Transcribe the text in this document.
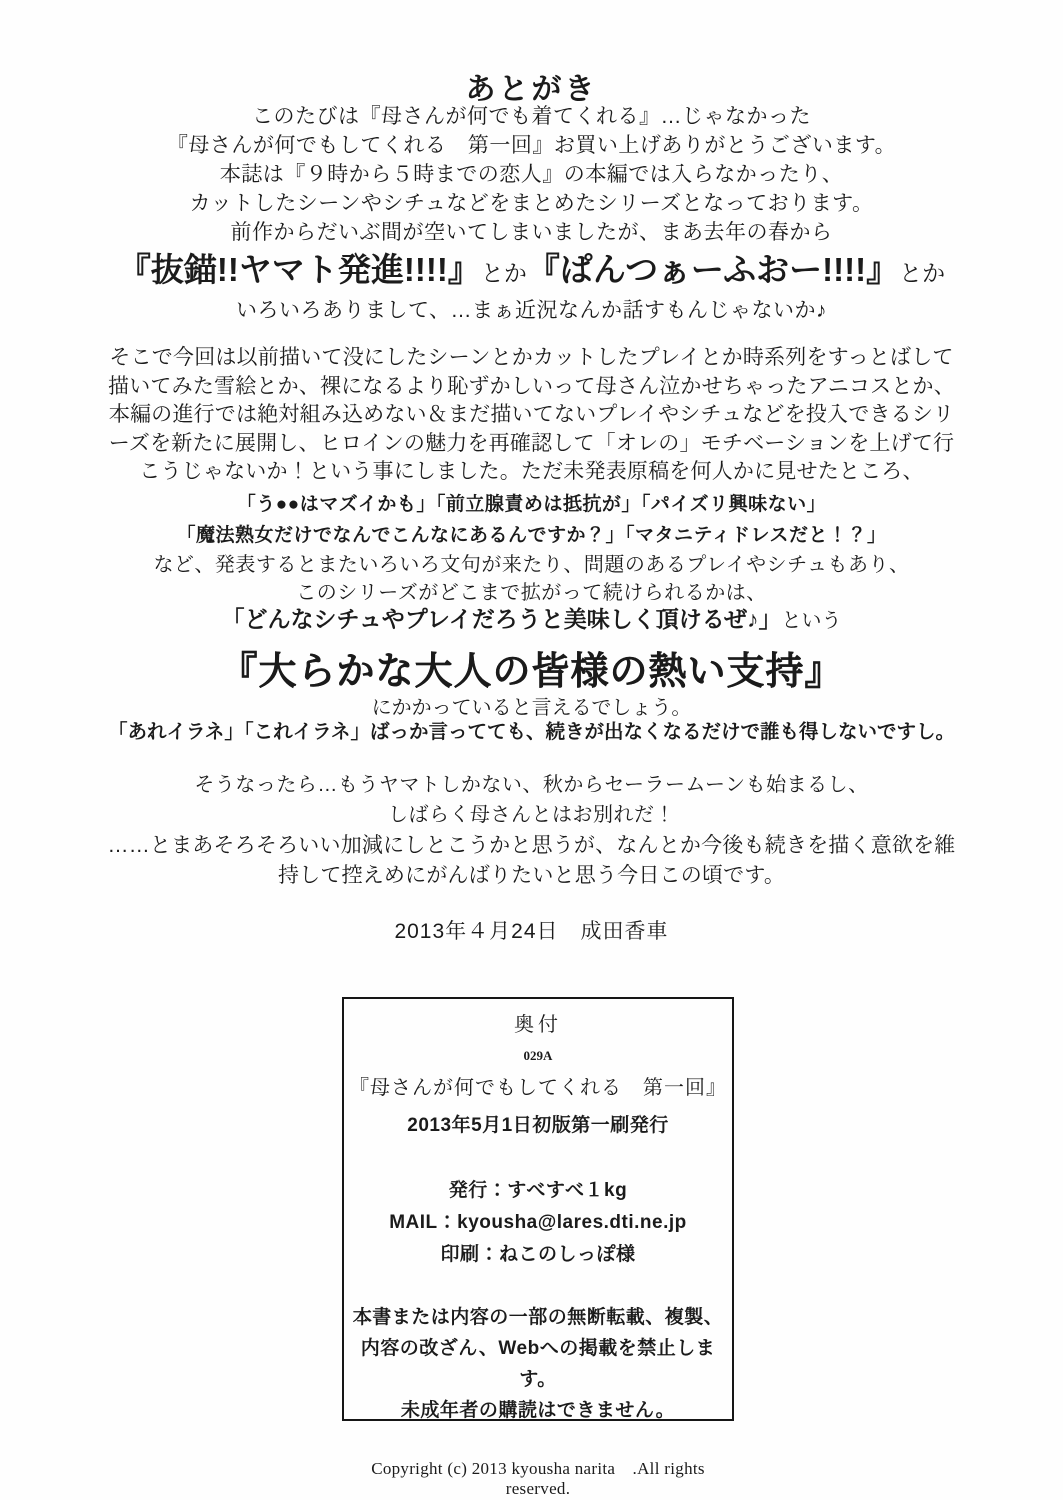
あとがき
このたびは『母さんが何でも着てくれる』…じゃなかった
『母さんが何でもしてくれる　第一回』お買い上げありがとうございます。
本誌は『９時から５時までの恋人』の本編では入らなかったり、
カットしたシーンやシチュなどをまとめたシリーズとなっております。
前作からだいぶ間が空いてしまいましたが、まあ去年の春から
『抜錨!!ヤマト発進!!!!』とか『ぱんつぁーふおー!!!!』とか
いろいろありまして、…まぁ近況なんか話すもんじゃないか♪
そこで今回は以前描いて没にしたシーンとかカットしたプレイとか時系列をすっとばして
描いてみた雪絵とか、裸になるより恥ずかしいって母さん泣かせちゃったアニコスとか、
本編の進行では絶対組み込めない＆まだ描いてないプレイやシチュなどを投入できるシリ
ーズを新たに展開し、ヒロインの魅力を再確認して「オレの」モチベーションを上げて行
こうじゃないか！という事にしました。ただ未発表原稿を何人かに見せたところ、
「う●●はマズイかも」「前立腺責めは抵抗が」「パイズリ興味ない」
「魔法熟女だけでなんでこんなにあるんですか？」「マタニティドレスだと！？」
など、発表するとまたいろいろ文句が来たり、問題のあるプレイやシチュもあり、
このシリーズがどこまで拡がって続けられるかは、
「どんなシチュやプレイだろうと美味しく頂けるぜ♪」という
『大らかな大人の皆様の熱い支持』
にかかっていると言えるでしょう。
「あれイラネ」「これイラネ」ばっか言ってても、続きが出なくなるだけで誰も得しないですし。
そうなったら…もうヤマトしかない、秋からセーラームーンも始まるし、
しばらく母さんとはお別れだ！
……とまあそろそろいい加減にしとこうかと思うが、なんとか今後も続きを描く意欲を維
持して控えめにがんばりたいと思う今日この頃です。
2013年４月24日　成田香車
奥付
029A
『母さんが何でもしてくれる　第一回』
2013年5月1日初版第一刷発行
発行：すべすべ１kg
MAIL：kyousha@lares.dti.ne.jp
印刷：ねこのしっぽ様
本書または内容の一部の無断転載、複製、
内容の改ざん、Webへの掲載を禁止します。
未成年者の購読はできません。
Copyright (c) 2013 kyousha narita　.All rights reserved.
